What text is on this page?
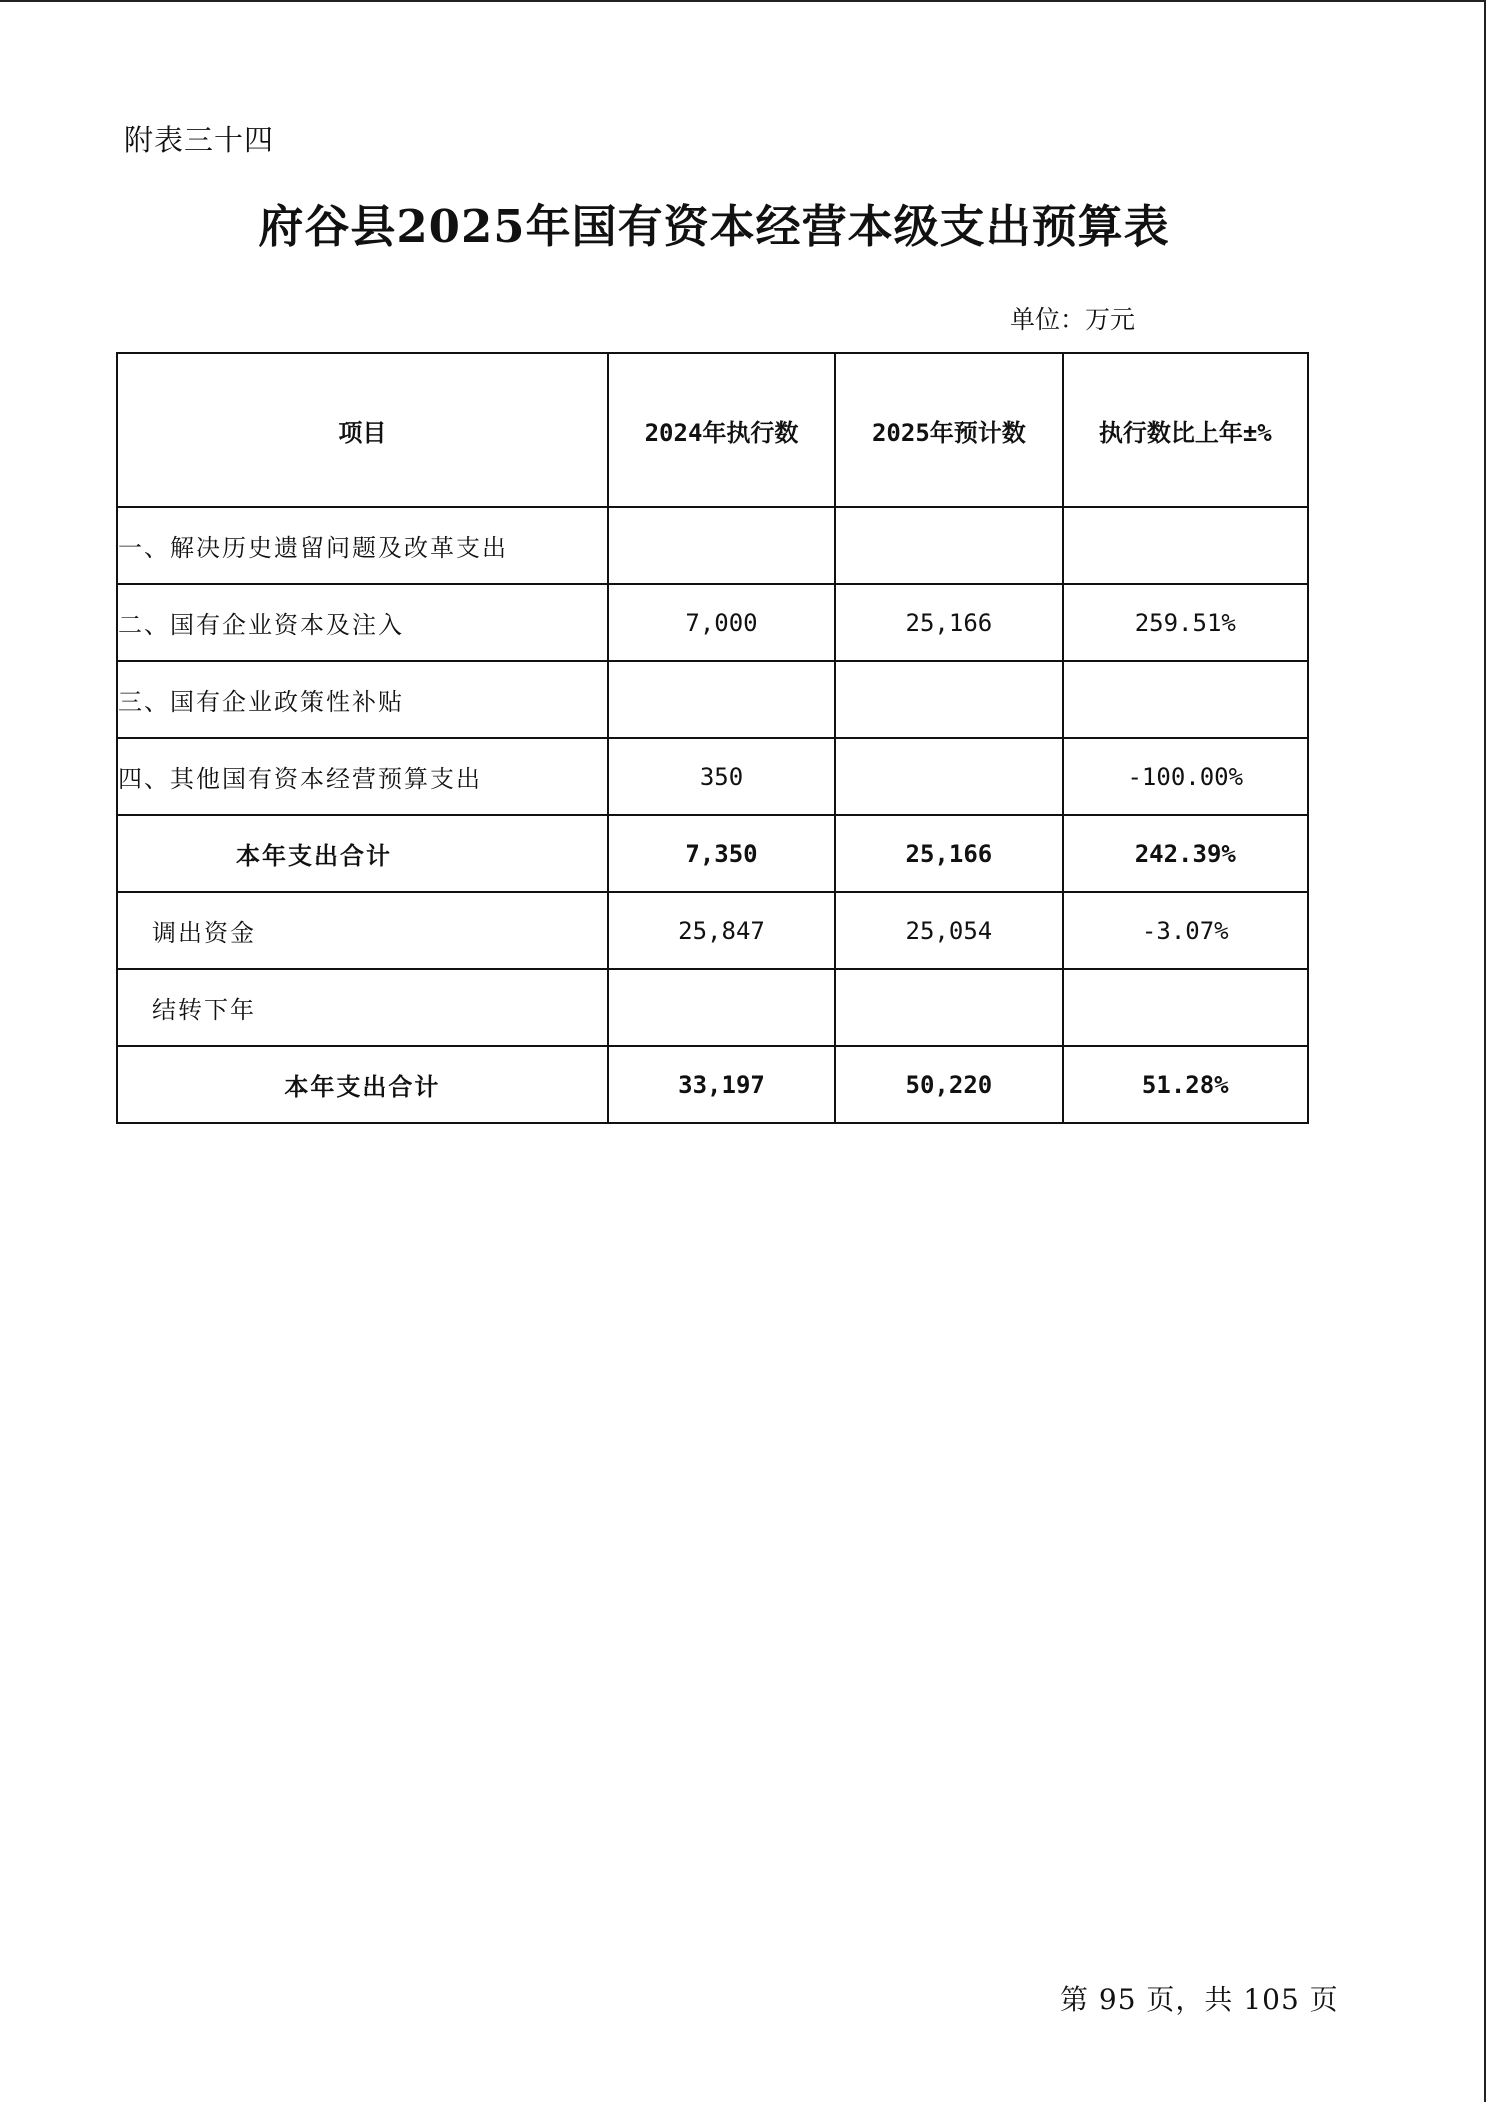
附表三十四
府谷县2025年国有资本经营本级支出预算表
单位：万元
项目	2024年执行数	2025年预计数	执行数比上年±%
一、解决历史遗留问题及改革支出			
二、国有企业资本及注入	7,000	25,166	259.51%
三、国有企业政策性补贴			
四、其他国有资本经营预算支出	350		-100.00%
本年支出合计	7,350	25,166	242.39%
调出资金	25,847	25,054	-3.07%
结转下年			
本年支出合计	33,197	50,220	51.28%
第 95 页，共 105 页
